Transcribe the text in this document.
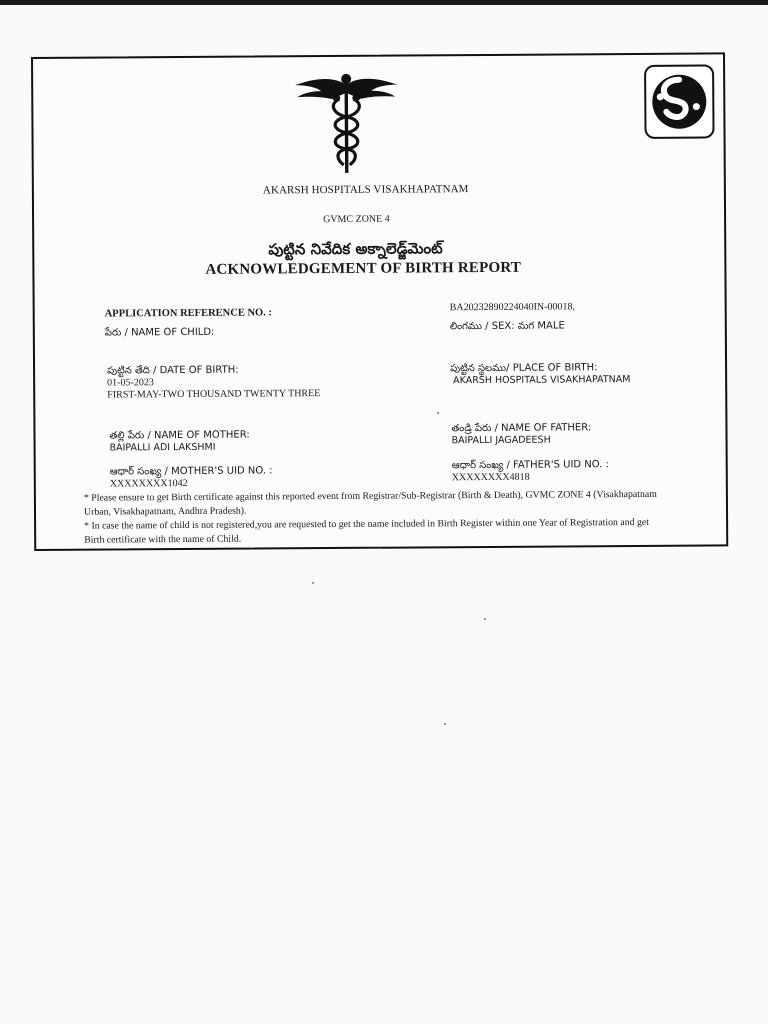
AKARSH HOSPITALS VISAKHAPATNAM
GVMC ZONE 4
పుట్టిన నివేదిక అక్నాలెడ్జ్‌మెంట్
ACKNOWLEDGEMENT OF BIRTH REPORT
APPLICATION REFERENCE NO. :
BA20232890224040IN-00018,
పేరు / NAME OF CHILD:
లింగము / SEX: మగ MALE
పుట్టిన తేది / DATE OF BIRTH:
01-05-2023
FIRST-MAY-TWO THOUSAND TWENTY THREE
పుట్టిన స్థలము/ PLACE OF BIRTH:
AKARSH HOSPITALS VISAKHAPATNAM
తల్లి పేరు / NAME OF MOTHER:
BAIPALLI ADI LAKSHMI
తండ్రి పేరు / NAME OF FATHER:
BAIPALLI JAGADEESH
ఆధార్ సంఖ్య / MOTHER'S UID NO. :
XXXXXXXX1042
ఆధార్ సంఖ్య / FATHER'S UID NO. :
XXXXXXXX4818
* Please ensure to get Birth certificate against this reported event from Registrar/Sub-Registrar (Birth & Death), GVMC ZONE 4 (Visakhapatnam Urban, Visakhapatnam, Andhra Pradesh).
* In case the name of child is not registered,you are requested to get the name included in Birth Register within one Year of Registration and get Birth certificate with the name of Child.
